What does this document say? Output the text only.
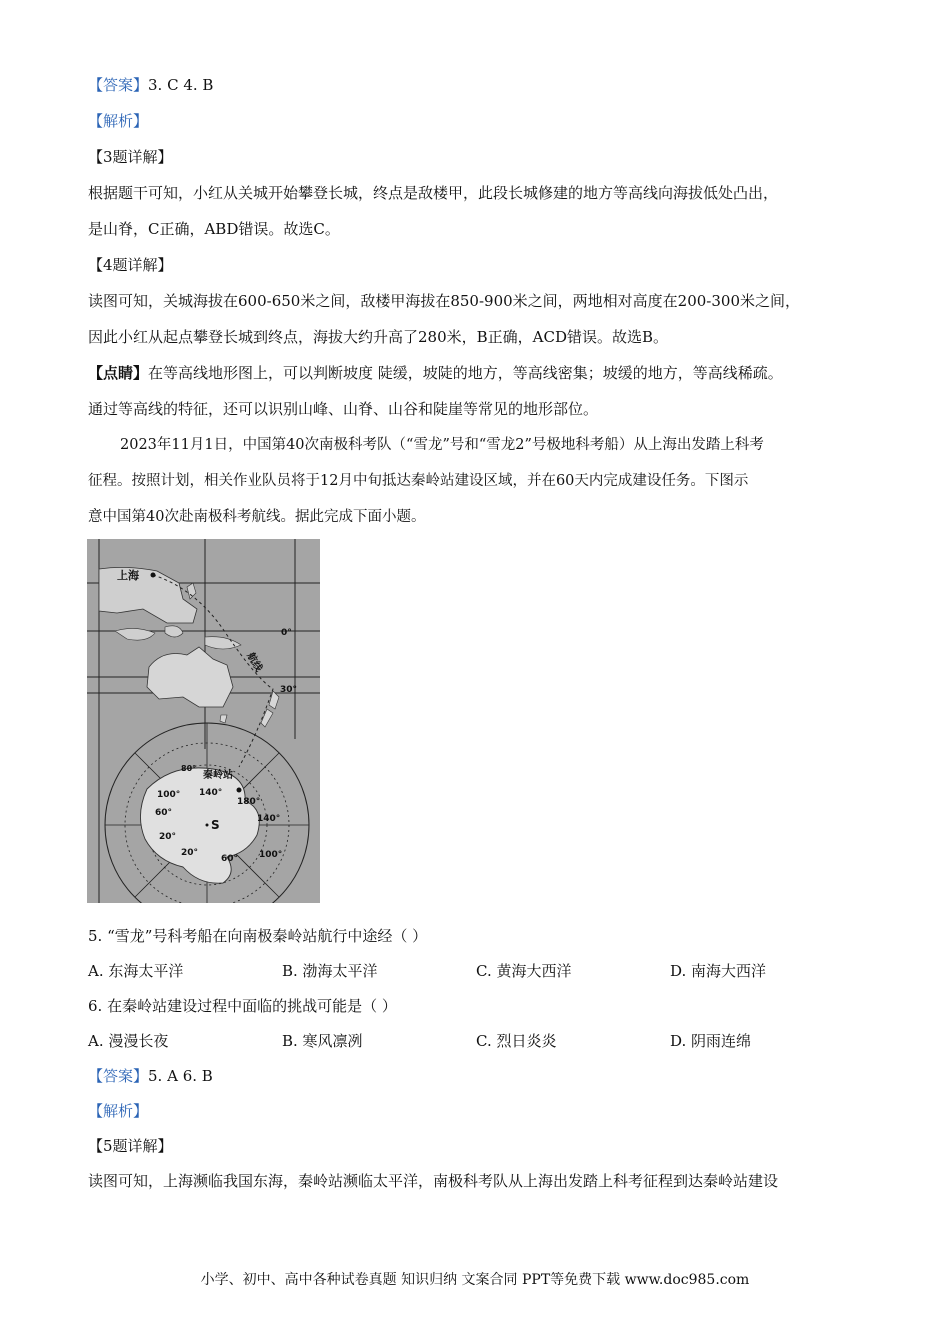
【答案】3. C 4. B
【解析】
【3题详解】
根据题干可知，小红从关城开始攀登长城，终点是敌楼甲，此段长城修建的地方等高线向海拔低处凸出，
是山脊，C正确，ABD错误。故选C。
【4题详解】
读图可知，关城海拔在600-650米之间，敌楼甲海拔在850-900米之间，两地相对高度在200-300米之间，
因此小红从起点攀登长城到终点，海拔大约升高了280米，B正确，ACD错误。故选B。
【点睛】在等高线地形图上，可以判断坡度 陡缓，坡陡的地方，等高线密集；坡缓的地方，等高线稀疏。
通过等高线的特征，还可以识别山峰、山脊、山谷和陡崖等常见的地形部位。
2023年11月1日，中国第40次南极科考队（“雪龙”号和“雪龙2”号极地科考船）从上海出发踏上科考
征程。按照计划，相关作业队员将于12月中旬抵达秦岭站建设区域，并在60天内完成建设任务。下图示
意中国第40次赴南极科考航线。据此完成下面小题。
上海
航线
0°
30°
秦岭站
S
100° 140°
180°
140°
100°
60°
20°
20°
60°
80°
5. “雪龙”号科考船在向南极秦岭站航行中途经（ ）
A. 东海太平洋	B. 渤海太平洋	C. 黄海大西洋	D. 南海大西洋
6. 在秦岭站建设过程中面临的挑战可能是（ ）
A. 漫漫长夜	B. 寒风凛冽	C. 烈日炎炎	D. 阴雨连绵
【答案】5. A 6. B
【解析】
【5题详解】
读图可知，上海濒临我国东海，秦岭站濒临太平洋，南极科考队从上海出发踏上科考征程到达秦岭站建设
小学、初中、高中各种试卷真题 知识归纳 文案合同 PPT等免费下载 www.doc985.com
